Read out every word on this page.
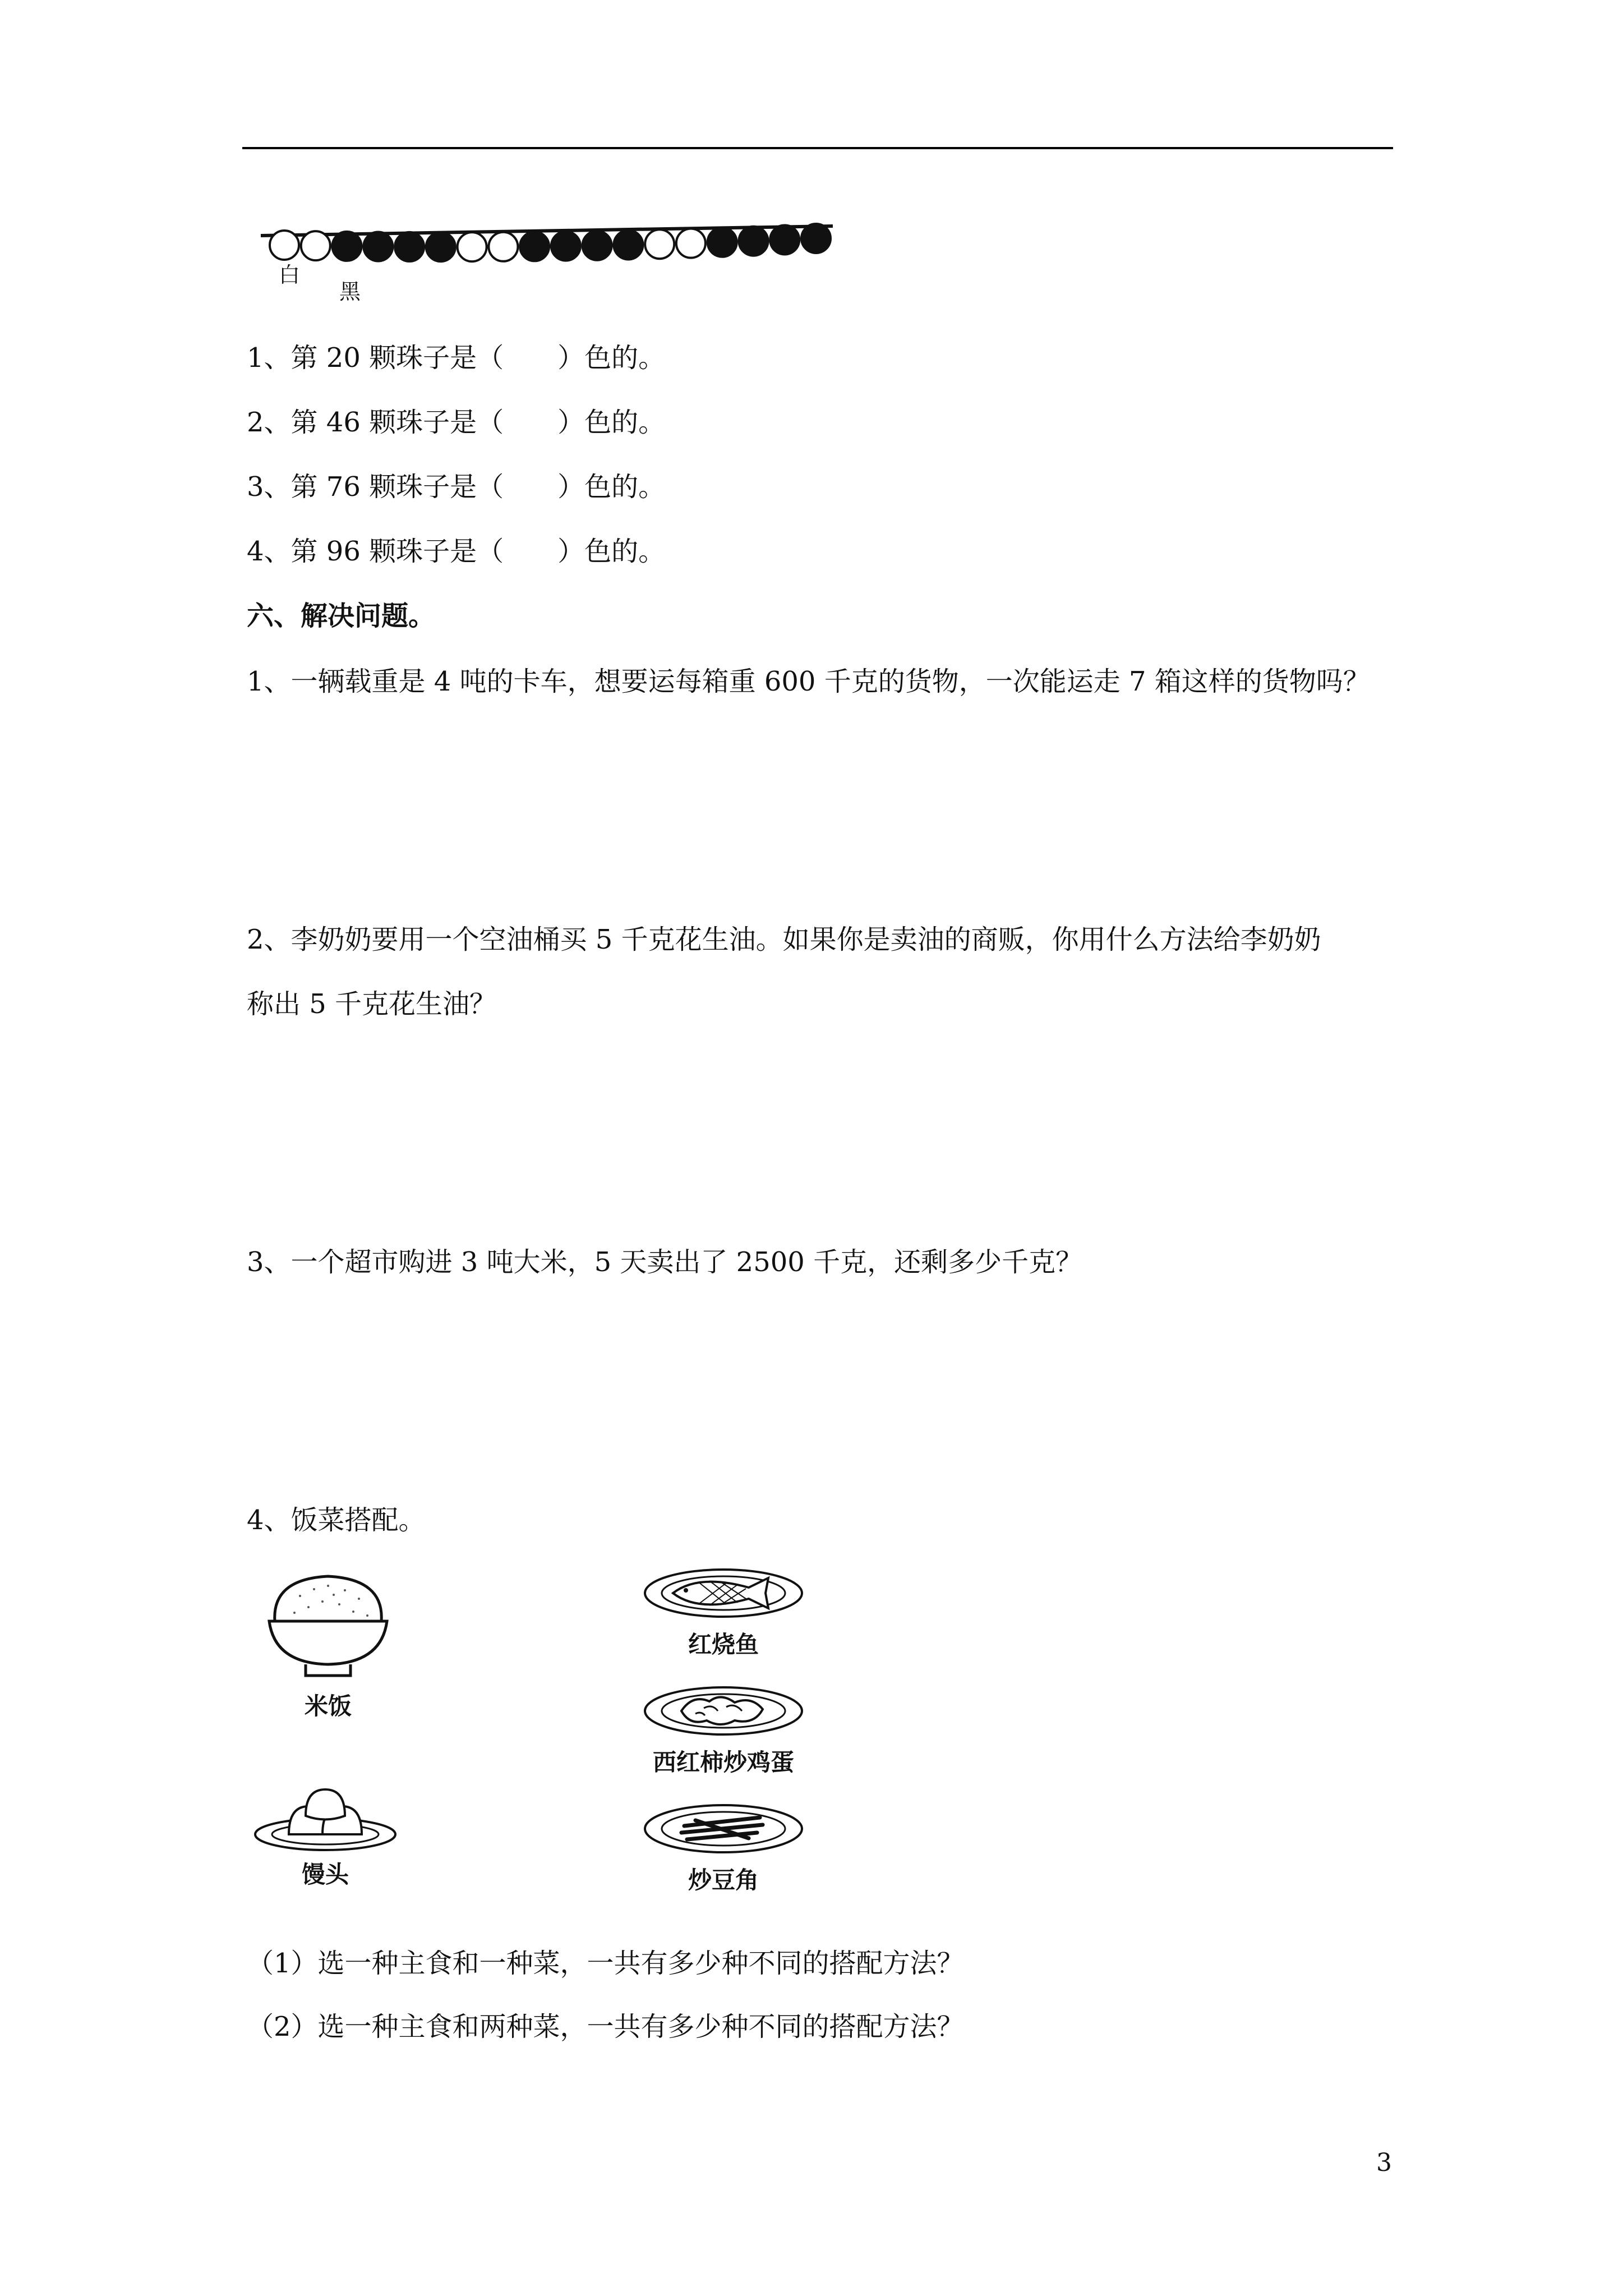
白
黑
1、第 20 颗珠子是（　　）色的。
2、第 46 颗珠子是（　　）色的。
3、第 76 颗珠子是（　　）色的。
4、第 96 颗珠子是（　　）色的。
六、解决问题。
1、一辆载重是 4 吨的卡车，想要运每箱重 600 千克的货物，一次能运走 7 箱这样的货物吗？
2、李奶奶要用一个空油桶买 5 千克花生油。如果你是卖油的商贩，你用什么方法给李奶奶
称出 5 千克花生油？
3、一个超市购进 3 吨大米，5 天卖出了 2500 千克，还剩多少千克？
4、饭菜搭配。
米饭
馒头
红烧鱼
西红柿炒鸡蛋
炒豆角
（1）选一种主食和一种菜，一共有多少种不同的搭配方法？
（2）选一种主食和两种菜，一共有多少种不同的搭配方法？
3
